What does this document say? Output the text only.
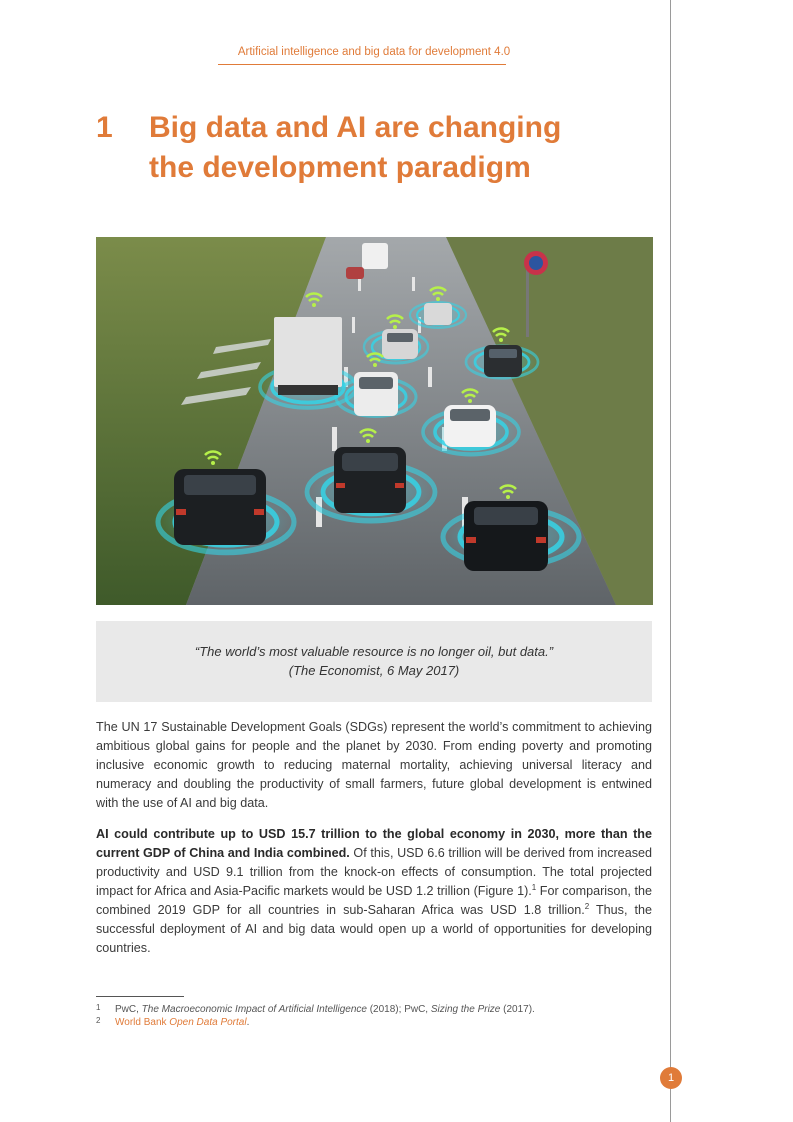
Artificial intelligence and big data for development 4.0
1	Big data and AI are changing
the development paradigm
“The world’s most valuable resource is no longer oil, but data.”
(The Economist, 6 May 2017)
The UN 17 Sustainable Development Goals (SDGs) represent the world’s commitment to achieving ambitious global gains for people and the planet by 2030. From ending poverty and promoting inclusive economic growth to reducing maternal mortality, achieving universal literacy and numeracy and doubling the productivity of small farmers, future global development is entwined with the use of AI and big data.
AI could contribute up to USD 15.7 trillion to the global economy in 2030, more than the current GDP of China and India combined. Of this, USD 6.6 trillion will be derived from increased productivity and USD 9.1 trillion from the knock-on effects of consumption. The total projected impact for Africa and Asia-Pacific markets would be USD 1.2 trillion (Figure 1).$^1$ For comparison, the combined 2019 GDP for all countries in sub-Saharan Africa was USD 1.8 trillion.$^2$ Thus, the successful deployment of AI and big data would open up a world of opportunities for developing countries.
1 PwC, The Macroeconomic Impact of Artificial Intelligence (2018); PwC, Sizing the Prize (2017).
2 World Bank Open Data Portal.
1
